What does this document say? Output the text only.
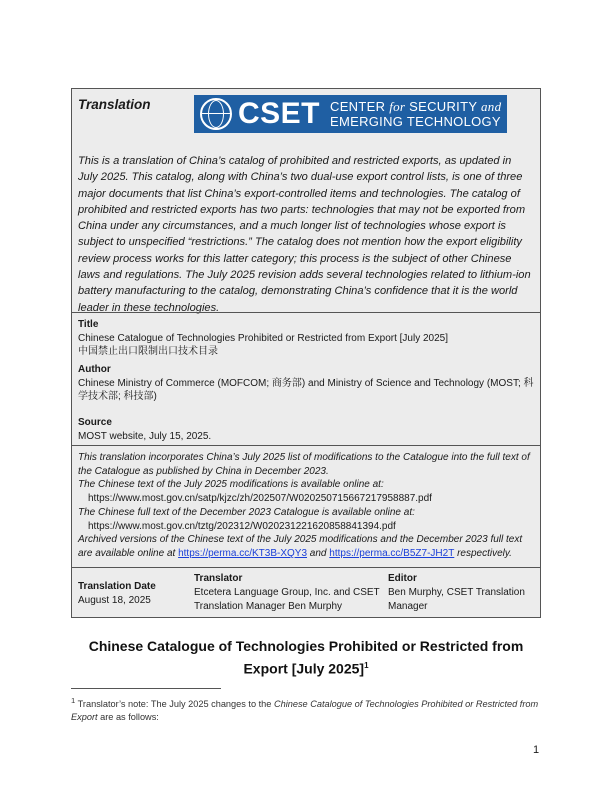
Translation	CSET CENTER for SECURITY and
EMERGING TECHNOLOGY
This is a translation of China’s catalog of prohibited and restricted exports, as updated in July 2025. This catalog, along with China’s two dual-use export control lists, is one of three major documents that list China’s export-controlled items and technologies. The catalog of prohibited and restricted exports has two parts: technologies that may not be exported from China under any circumstances, and a much longer list of technologies whose export is subject to unspecified “restrictions.” The catalog does not mention how the export eligibility review process works for this latter category; this process is the subject of other Chinese laws and regulations. The July 2025 revision adds several technologies related to lithium-ion battery manufacturing to the catalog, demonstrating China’s confidence that it is the world leader in these technologies.
Title
Chinese Catalogue of Technologies Prohibited or Restricted from Export [July 2025]
中国禁止出口限制出口技术目录
Author
Chinese Ministry of Commerce (MOFCOM; 商务部) and Ministry of Science and Technology (MOST; 科学技术部; 科技部)
Source
MOST website, July 15, 2025.
This translation incorporates China’s July 2025 list of modifications to the Catalogue into the full text of the Catalogue as published by China in December 2023.
The Chinese text of the July 2025 modifications is available online at:
https://www.most.gov.cn/satp/kjzc/zh/202507/W020250715667217958887.pdf
The Chinese full text of the December 2023 Catalogue is available online at:
https://www.most.gov.cn/tztg/202312/W020231221620858841394.pdf
Archived versions of the Chinese text of the July 2025 modifications and the December 2023 full text are available online at https://perma.cc/KT3B-XQY3 and https://perma.cc/B5Z7-JH2T respectively.
Translation Date
August 18, 2025
Translator
Etcetera Language Group, Inc. and CSET Translation Manager Ben Murphy
Editor
Ben Murphy, CSET Translation Manager
Chinese Catalogue of Technologies Prohibited or Restricted from Export [July 2025]$^1$
$^1$ Translator’s note: The July 2025 changes to the Chinese Catalogue of Technologies Prohibited or Restricted from Export are as follows:
1
